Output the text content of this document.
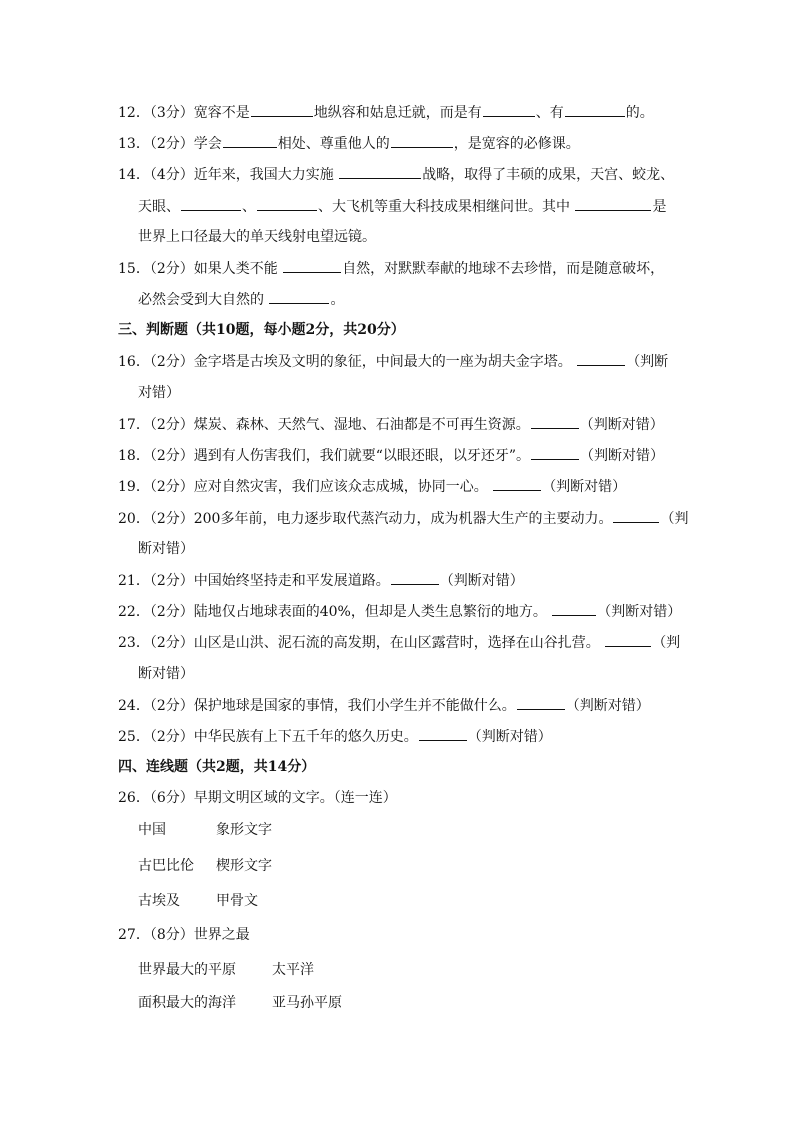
12．（3分）宽容不是	地纵容和姑息迁就，而是有	、有	的。
13．（2分）学会	相处、尊重他人的	，是宽容的必修课。
14．（4分）近年来，我国大力实施	战略，取得了丰硕的成果，天宫、蛟龙、
天眼、	、	、大飞机等重大科技成果相继问世。其中	是
世界上口径最大的单天线射电望远镜。
15．（2分）如果人类不能	自然，对默默奉献的地球不去珍惜，而是随意破坏，
必然会受到大自然的	。
三、判断题（共10题，每小题2分，共20分）
16．（2分）金字塔是古埃及文明的象征，中间最大的一座为胡夫金字塔。	（判断
对错）
17．（2分）煤炭、森林、天然气、湿地、石油都是不可再生资源。	（判断对错）
18．（2分）遇到有人伤害我们，我们就要“以眼还眼，以牙还牙”。	（判断对错）
19．（2分）应对自然灾害，我们应该众志成城，协同一心。	（判断对错）
20．（2分）200多年前，电力逐步取代蒸汽动力，成为机器大生产的主要动力。	（判
断对错）
21．（2分）中国始终坚持走和平发展道路。	（判断对错）
22．（2分）陆地仅占地球表面的40%，但却是人类生息繁衍的地方。	（判断对错）
23．（2分）山区是山洪、泥石流的高发期，在山区露营时，选择在山谷扎营。	（判
断对错）
24．（2分）保护地球是国家的事情，我们小学生并不能做什么。	（判断对错）
25．（2分）中华民族有上下五千年的悠久历史。	（判断对错）
四、连线题（共2题，共14分）
26．（6分）早期文明区域的文字。（连一连）
中国	象形文字
古巴比伦 楔形文字
古埃及	甲骨文
27．（8分）世界之最
世界最大的平原	太平洋
面积最大的海洋	亚马孙平原
